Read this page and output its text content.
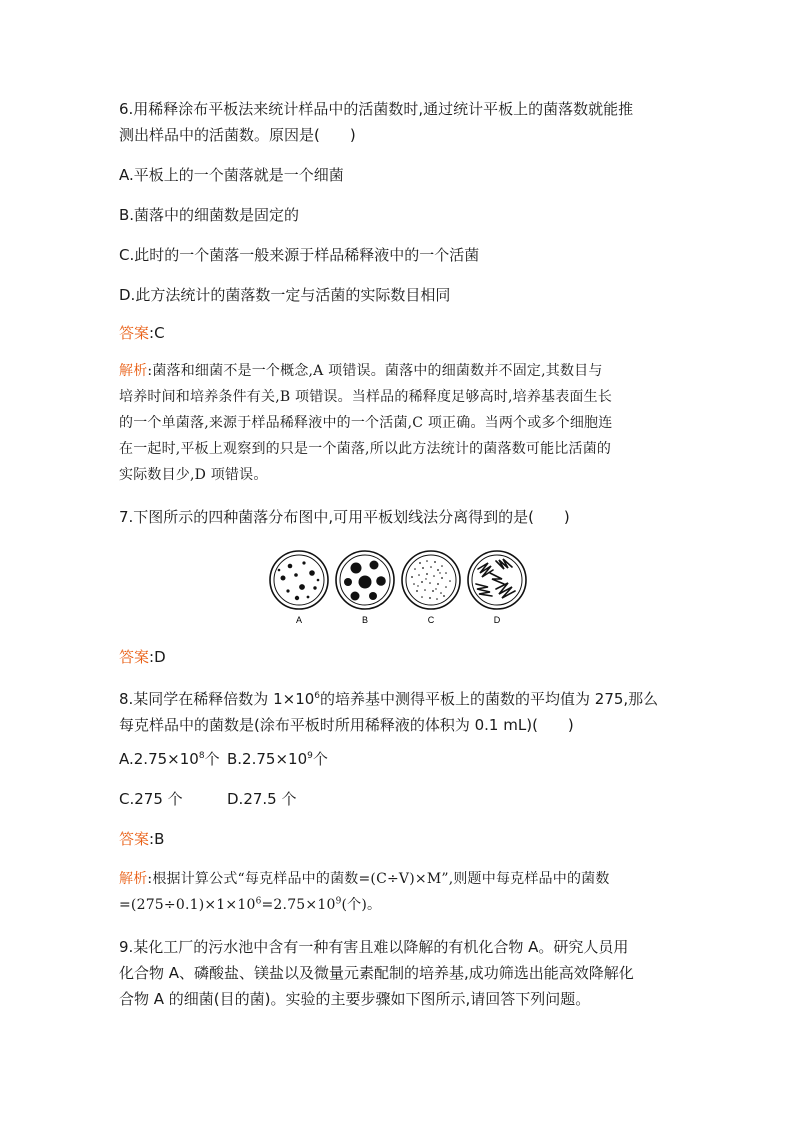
6.用稀释涂布平板法来统计样品中的活菌数时,通过统计平板上的菌落数就能推

测出样品中的活菌数。原因是(　　)

A.平板上的一个菌落就是一个细菌

B.菌落中的细菌数是固定的

C.此时的一个菌落一般来源于样品稀释液中的一个活菌

D.此方法统计的菌落数一定与活菌的实际数目相同

答案:C

解析:菌落和细菌不是一个概念,A 项错误。菌落中的细菌数并不固定,其数目与

培养时间和培养条件有关,B 项错误。当样品的稀释度足够高时,培养基表面生长

的一个单菌落,来源于样品稀释液中的一个活菌,C 项正确。当两个或多个细胞连

在一起时,平板上观察到的只是一个菌落,所以此方法统计的菌落数可能比活菌的

实际数目少,D 项错误。

7.下图所示的四种菌落分布图中,可用平板划线法分离得到的是(　　)

答案:D

8.某同学在稀释倍数为 $1\times 10^6$的培养基中测得平板上的菌数的平均值为 275,那么

每克样品中的菌数是(涂布平板时所用稀释液的体积为 0.1 mL)(　　)

$A.2.75\times 10^8$个 $B.2.75\times 10^9$个
C.275 个	D.27.5 个

答案:B

解析:根据计算公式“每克样品中的菌数=(C÷V)×M”,则题中每克样品中的菌数

$=(275\div 0.1)\times 1\times 10^6=2.75\times 10^9$(个)。

9.某化工厂的污水池中含有一种有害且难以降解的有机化合物 A。研究人员用

化合物 A、磷酸盐、镁盐以及微量元素配制的培养基,成功筛选出能高效降解化

合物 A 的细菌(目的菌)。实验的主要步骤如下图所示,请回答下列问题。

A	B	C	D
